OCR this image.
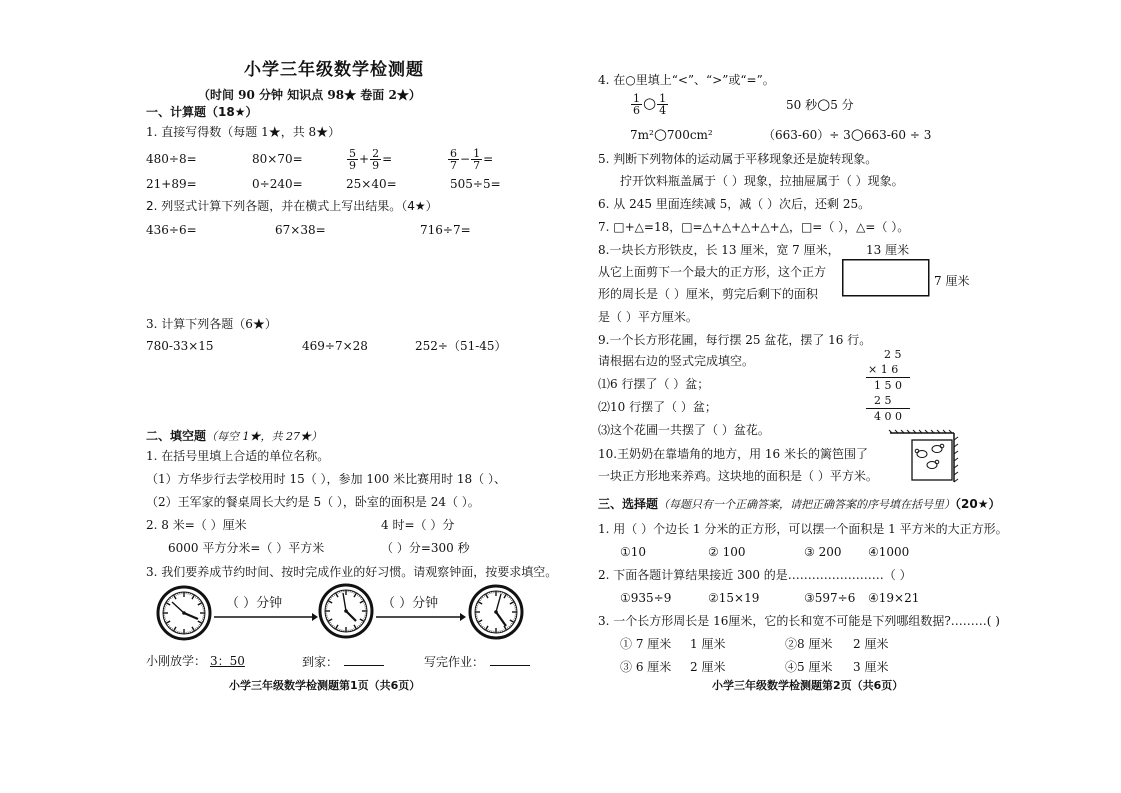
小学三年级数学检测题
（时间 90 分钟 知识点 98★ 卷面 2★）
一、计算题（18★）
1. 直接写得数（每题 1★，共 8★）
480÷8=	80×70=	$\frac{5}{9} + \frac{2}{9}$ =	$\frac{6}{7} - \frac{1}{7}$ =
21+89=	0÷240=	25×40=	505÷5=
2. 列竖式计算下列各题，并在横式上写出结果。（4★）
436÷6=	67×38=	716÷7=
3. 计算下列各题（6★）
780-33×15	469÷7×28	252÷（51-45）
二、填空题（每空 1★，共 27★）
1. 在括号里填上合适的单位名称。
（1）方华步行去学校用时 15（ ），参加 100 米比赛用时 18（ ）、
（2）王军家的餐桌周长大约是 5（ ），卧室的面积是 24（ ）。
2. 8 米=（ ）厘米	4 时=（ ）分
6000 平方分米=（ ）平方米	（ ）分=300 秒
3. 我们要养成节约时间、按时完成作业的好习惯。请观察钟面，按要求填空。
（ ）分钟	（ ）分钟
小刚放学： 3：50	到家：	写完作业：
小学三年级数学检测题第1页（共6页）
4. 在○里填上“<”、“>”或“=”。
$\frac{1}{6}$ ○ $\frac{1}{4}$	50 秒○5 分
7m²○700cm²	（663-60）÷ 3○663-60 ÷ 3
5. 判断下列物体的运动属于平移现象还是旋转现象。
拧开饮料瓶盖属于（ ）现象，拉抽屉属于（ ）现象。
6. 从 245 里面连续减 5，减（ ）次后，还剩 25。
7. □+△=18，□=△+△+△+△+△，□=（ ），△=（ ）。
8.一块长方形铁皮，长 13 厘米，宽 7 厘米，
从它上面剪下一个最大的正方形，这个正方
形的周长是（ ）厘米，剪完后剩下的面积
是（ ）平方厘米。
13 厘米
7 厘米
9.一个长方形花圃，每行摆 25 盆花，摆了 16 行。
请根据右边的竖式完成填空。
⑴6 行摆了（ ）盆；
⑵10 行摆了（ ）盆；
⑶这个花圃一共摆了（ ）盆花。
2 5
× 1 6
1 5 0
2 5
4 0 0
10.王奶奶在靠墙角的地方，用 16 米长的篱笆围了
一块正方形地来养鸡。这块地的面积是（ ）平方米。
三、选择题（每题只有一个正确答案，请把正确答案的序号填在括号里）（20★）
1. 用（ ）个边长 1 分米的正方形，可以摆一个面积是 1 平方米的大正方形。
①10	② 100	③ 200 ④1000
2. 下面各题计算结果接近 300 的是……………………（ ）
①935÷9	②15×19	③597÷6 ④19×21
3. 一个长方形周长是 16厘米，它的长和宽不可能是下列哪组数据?………( )
① 7 厘米 1 厘米	②8 厘米 2 厘米
③ 6 厘米 2 厘米	④5 厘米 3 厘米
小学三年级数学检测题第2页（共6页）
